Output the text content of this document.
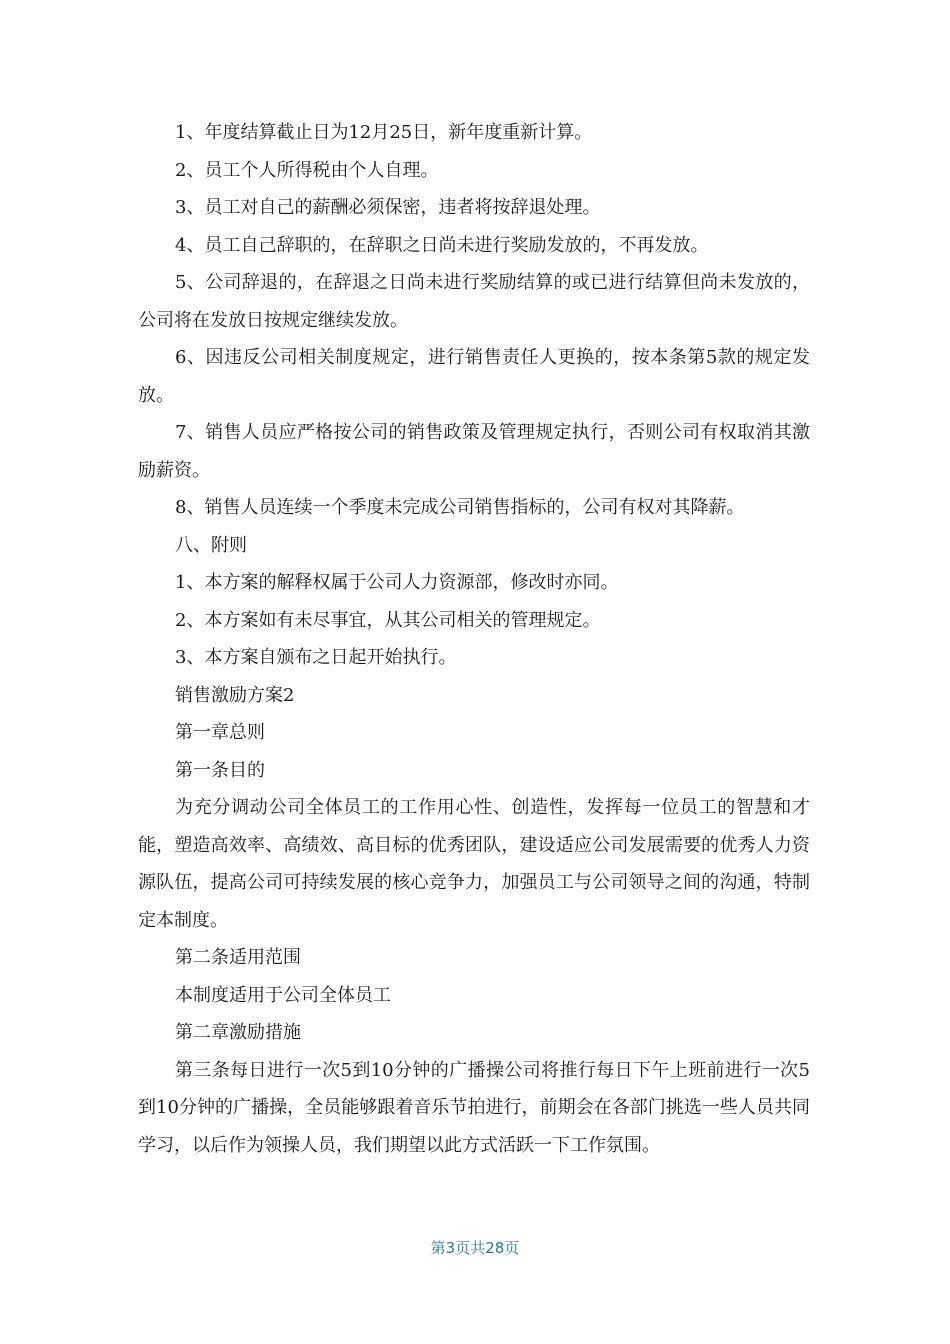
1、年度结算截止日为12月25日，新年度重新计算。

2、员工个人所得税由个人自理。

3、员工对自己的薪酬必须保密，违者将按辞退处理。

4、员工自己辞职的，在辞职之日尚未进行奖励发放的，不再发放。

5、公司辞退的，在辞退之日尚未进行奖励结算的或已进行结算但尚未发放的，公司将在发放日按规定继续发放。

6、因违反公司相关制度规定，进行销售责任人更换的，按本条第5款的规定发放。

7、销售人员应严格按公司的销售政策及管理规定执行，否则公司有权取消其激励薪资。

8、销售人员连续一个季度未完成公司销售指标的，公司有权对其降薪。

八、附则

1、本方案的解释权属于公司人力资源部，修改时亦同。

2、本方案如有未尽事宜，从其公司相关的管理规定。

3、本方案自颁布之日起开始执行。

销售激励方案2

第一章总则

第一条目的

为充分调动公司全体员工的工作用心性、创造性，发挥每一位员工的智慧和才能，塑造高效率、高绩效、高目标的优秀团队，建设适应公司发展需要的优秀人力资源队伍，提高公司可持续发展的核心竞争力，加强员工与公司领导之间的沟通，特制定本制度。

第二条适用范围

本制度适用于公司全体员工

第二章激励措施

第三条每日进行一次5到10分钟的广播操公司将推行每日下午上班前进行一次5到10分钟的广播操，全员能够跟着音乐节拍进行，前期会在各部门挑选一些人员共同学习，以后作为领操人员，我们期望以此方式活跃一下工作氛围。

第3页共28页
